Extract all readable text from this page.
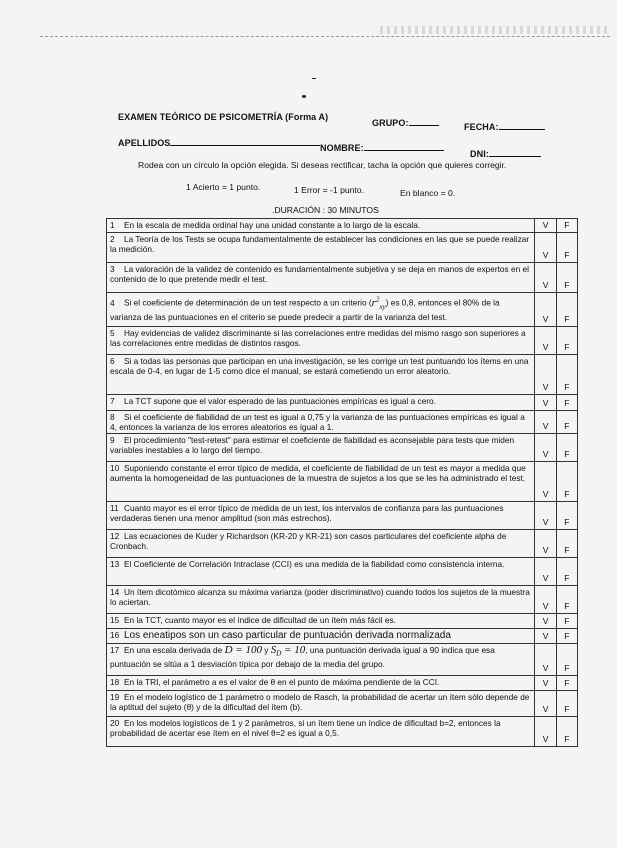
EXAMEN TEÓRICO DE PSICOMETRÍA (Forma A)
GRUPO:	FECHA:
APELLIDOS	NOMBRE:
DNI:
Rodea con un círculo la opción elegida. Si deseas rectificar, tacha la opción que quieres corregir.
1 Acierto = 1 punto.	1 Error = -1 punto.	En blanco = 0.
.DURACIÓN : 30 MINUTOS
1 En la escala de medida ordinal hay una unidad constante a lo largo de la escala.	V	F
2 La Teoría de los Tests se ocupa fundamentalmente de establecer las condiciones en las que se puede realizar la medición.	V	F
3 La valoración de la validez de contenido es fundamentalmente subjetiva y se deja en manos de expertos en el contenido de lo que pretende medir el test.	V	F
4 Si el coeficiente de determinación de un test respecto a un criterio $(r^2_{xy})$ es 0,8, entonces el 80% de la varianza de las puntuaciones en el criterio se puede predecir a partir de la varianza del test.	V	F
5 Hay evidencias de validez discriminante si las correlaciones entre medidas del mismo rasgo son superiores a las correlaciones entre medidas de distintos rasgos.	V	F
6 Si a todas las personas que participan en una investigación, se les corrige un test puntuando los ítems en una escala de 0-4, en lugar de 1-5 como dice el manual, se estará cometiendo un error aleatorio.	V	F
7 La TCT supone que el valor esperado de las puntuaciones empíricas es igual a cero.	V	F
8 Si el coeficiente de fiabilidad de un test es igual a 0,75 y la varianza de las puntuaciones empíricas es igual a 4, entonces la varianza de los errores aleatorios es igual a 1.	V	F
9 El procedimiento "test-retest" para estimar el coeficiente de fiabilidad es aconsejable para tests que miden variables inestables a lo largo del tiempo.	V	F
10 Suponiendo constante el error típico de medida, el coeficiente de fiabilidad de un test es mayor a medida que aumenta la homogeneidad de las puntuaciones de la muestra de sujetos a los que se les ha administrado el test.	V	F
11 Cuanto mayor es el error típico de medida de un test, los intervalos de confianza para las puntuaciones verdaderas tienen una menor amplitud (son más estrechos).	V	F
12 Las ecuaciones de Kuder y Richardson (KR-20 y KR-21) son casos particulares del coeficiente alpha de Cronbach.	V	F
13 El Coeficiente de Correlación Intraclase (CCI) es una medida de la fiabilidad como consistencia interna.	V	F
14 Un ítem dicotómico alcanza su máxima varianza (poder discriminativo) cuando todos los sujetos de la muestra lo aciertan.	V	F
15 En la TCT, cuanto mayor es el índice de dificultad de un ítem más fácil es.	V	F
16 Los eneatipos son un caso particular de puntuación derivada normalizada	V	F
17 En una escala derivada de D = 100 y $S_D = 10$, una puntuación derivada igual a 90 indica que esa puntuación se sitúa a 1 desviación típica por debajo de la media del grupo.	V	F
18 En la TRI, el parámetro a es el valor de θ en el punto de máxima pendiente de la CCI.	V	F
19 En el modelo logístico de 1 parámetro o modelo de Rasch, la probabilidad de acertar un ítem sólo depende de la aptitud del sujeto (θ) y de la dificultad del ítem (b).	V	F
20 En los modelos logísticos de 1 y 2 parámetros, si un ítem tiene un índice de dificultad b=2, entonces la probabilidad de acertar ese ítem en el nivel θ=2 es igual a 0,5.	V	F
